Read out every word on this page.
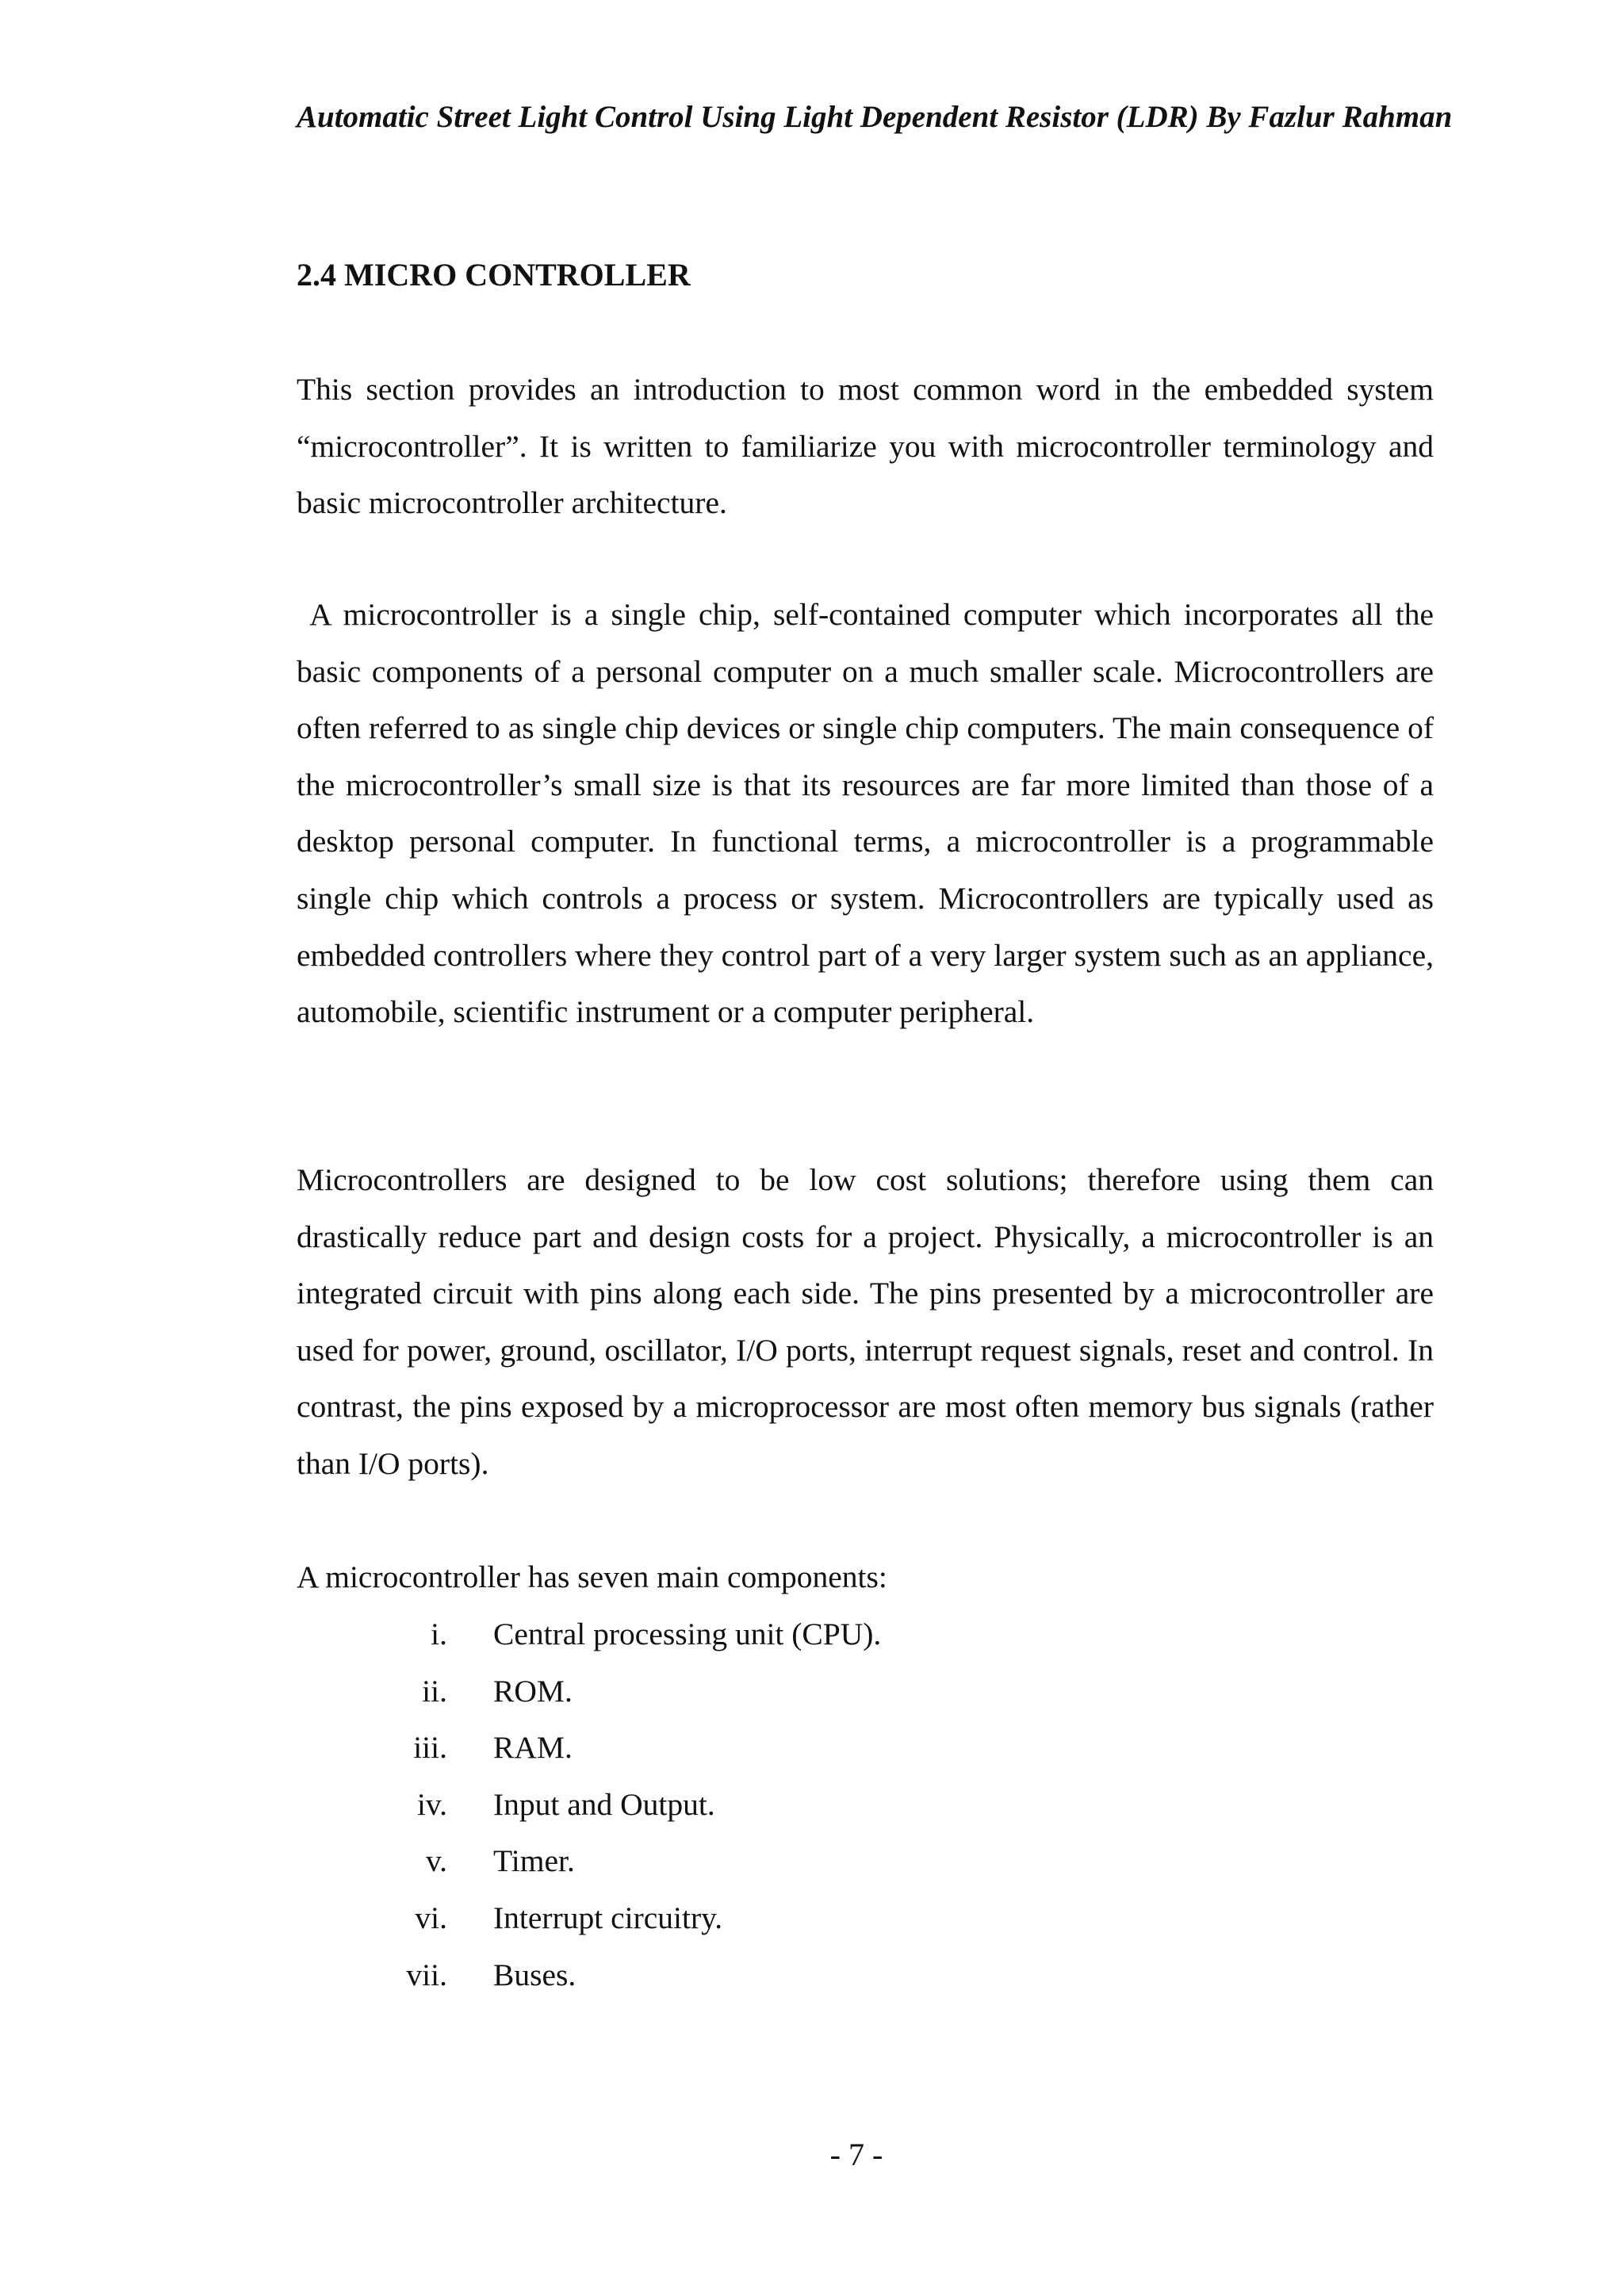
Automatic Street Light Control Using Light Dependent Resistor (LDR) By Fazlur Rahman
2.4 MICRO CONTROLLER

This section provides an introduction to most common word in the embedded system “microcontroller”. It is written to familiarize you with microcontroller terminology and basic microcontroller architecture.

A microcontroller is a single chip, self-contained computer which incorporates all the basic components of a personal computer on a much smaller scale. Microcontrollers are often referred to as single chip devices or single chip computers. The main consequence of the microcontroller’s small size is that its resources are far more limited than those of a desktop personal computer. In functional terms, a microcontroller is a programmable single chip which controls a process or system. Microcontrollers are typically used as embedded controllers where they control part of a very larger system such as an appliance, automobile, scientific instrument or a computer peripheral.

Microcontrollers are designed to be low cost solutions; therefore using them can drastically reduce part and design costs for a project. Physically, a microcontroller is an integrated circuit with pins along each side. The pins presented by a microcontroller are used for power, ground, oscillator, I/O ports, interrupt request signals, reset and control. In contrast, the pins exposed by a microprocessor are most often memory bus signals (rather than I/O ports).

A microcontroller has seven main components:

i. Central processing unit (CPU).
ii. ROM.
iii. RAM.
iv. Input and Output.
v. Timer.
vi. Interrupt circuitry.
vii. Buses.
- 7 -
